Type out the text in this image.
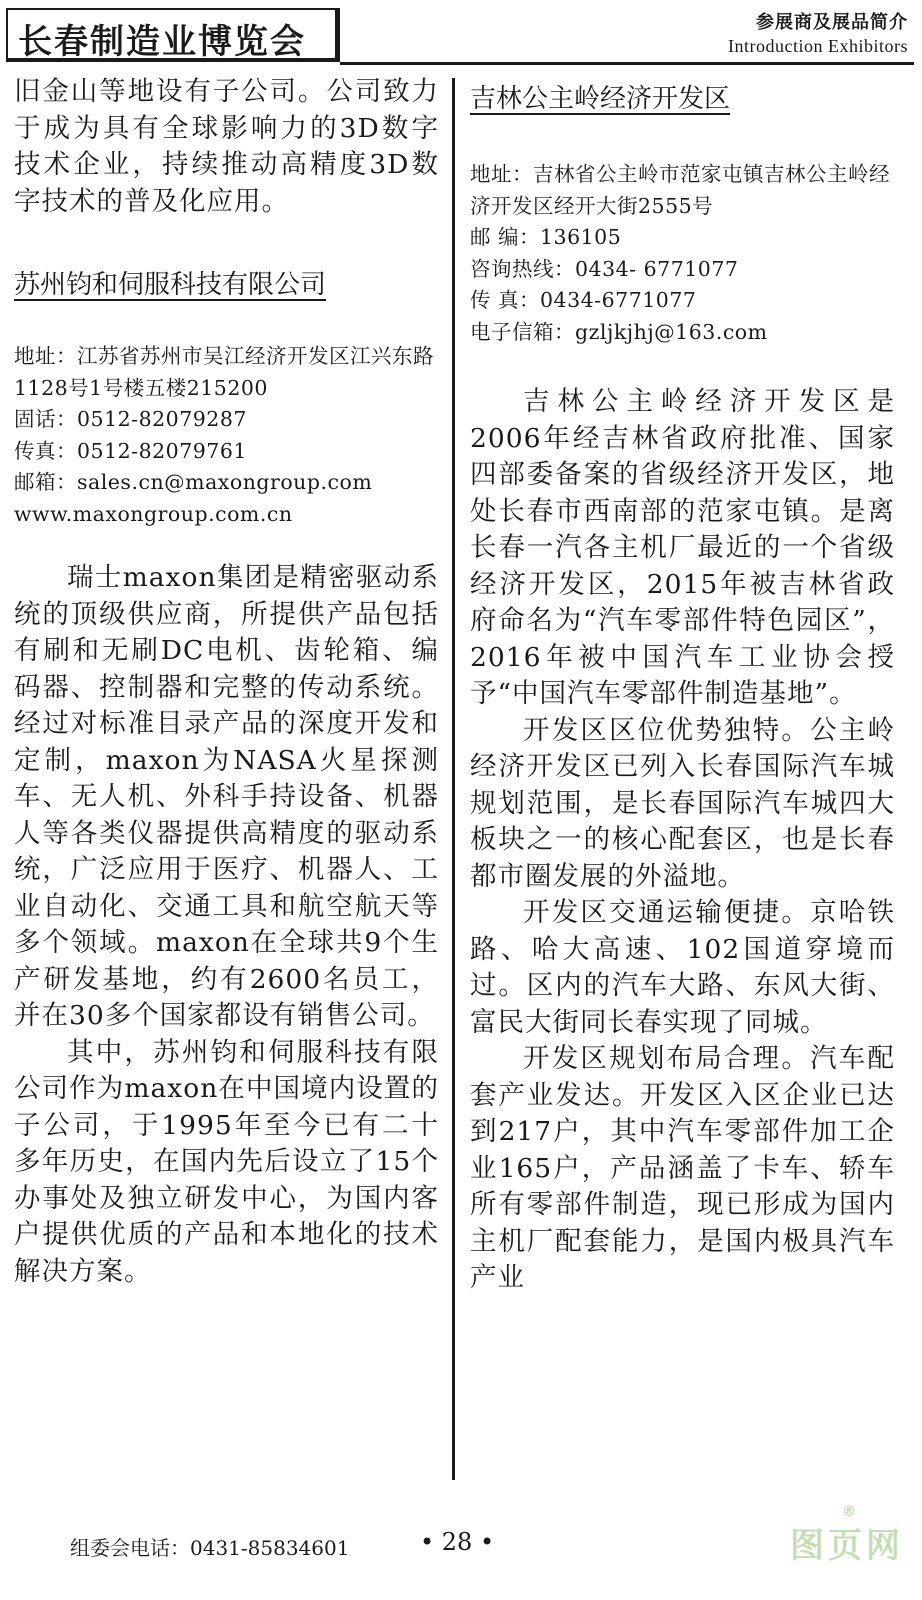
长春制造业博览会	参展商及展品简介
Introduction Exhibitors

旧金山等地设有子公司。公司致力于成为具有全球影响力的3D数字技术企业，持续推动高精度3D数字技术的普及化应用。

苏州钧和伺服科技有限公司

地址：江苏省苏州市吴江经济开发区江兴东路1128号1号楼五楼215200

固话：0512-82079287

传真：0512-82079761

邮箱：sales.cn@maxongroup.com

www.maxongroup.com.cn

瑞士maxon集团是精密驱动系统的顶级供应商，所提供产品包括有刷和无刷DC电机、齿轮箱、编码器、控制器和完整的传动系统。经过对标准目录产品的深度开发和定制，maxon为NASA火星探测车、无人机、外科手持设备、机器人等各类仪器提供高精度的驱动系统，广泛应用于医疗、机器人、工业自动化、交通工具和航空航天等多个领域。maxon在全球共9个生产研发基地，约有2600名员工，并在30多个国家都设有销售公司。

其中，苏州钧和伺服科技有限公司作为maxon在中国境内设置的子公司，于1995年至今已有二十多年历史，在国内先后设立了15个办事处及独立研发中心，为国内客户提供优质的产品和本地化的技术解决方案。

吉林公主岭经济开发区

地址：吉林省公主岭市范家屯镇吉林公主岭经济开发区经开大街2555号

邮 编：136105

咨询热线：0434- 6771077

传 真：0434-6771077

电子信箱：gzljkjhj@163.com

吉林公主岭经济开发区是2006年经吉林省政府批准、国家四部委备案的省级经济开发区，地处长春市西南部的范家屯镇。是离长春一汽各主机厂最近的一个省级经济开发区，2015年被吉林省政府命名为“汽车零部件特色园区”，2016年被中国汽车工业协会授予“中国汽车零部件制造基地”。

开发区区位优势独特。公主岭经济开发区已列入长春国际汽车城规划范围，是长春国际汽车城四大板块之一的核心配套区，也是长春都市圈发展的外溢地。

开发区交通运输便捷。京哈铁路、哈大高速、102国道穿境而过。区内的汽车大路、东风大街、富民大街同长春实现了同城。

开发区规划布局合理。汽车配套产业发达。开发区入区企业已达到217户，其中汽车零部件加工企业165户，产品涵盖了卡车、轿车所有零部件制造，现已形成为国内主机厂配套能力，是国内极具汽车产业

组委会电话：0431-85834601	• 28 •	图页网
®
